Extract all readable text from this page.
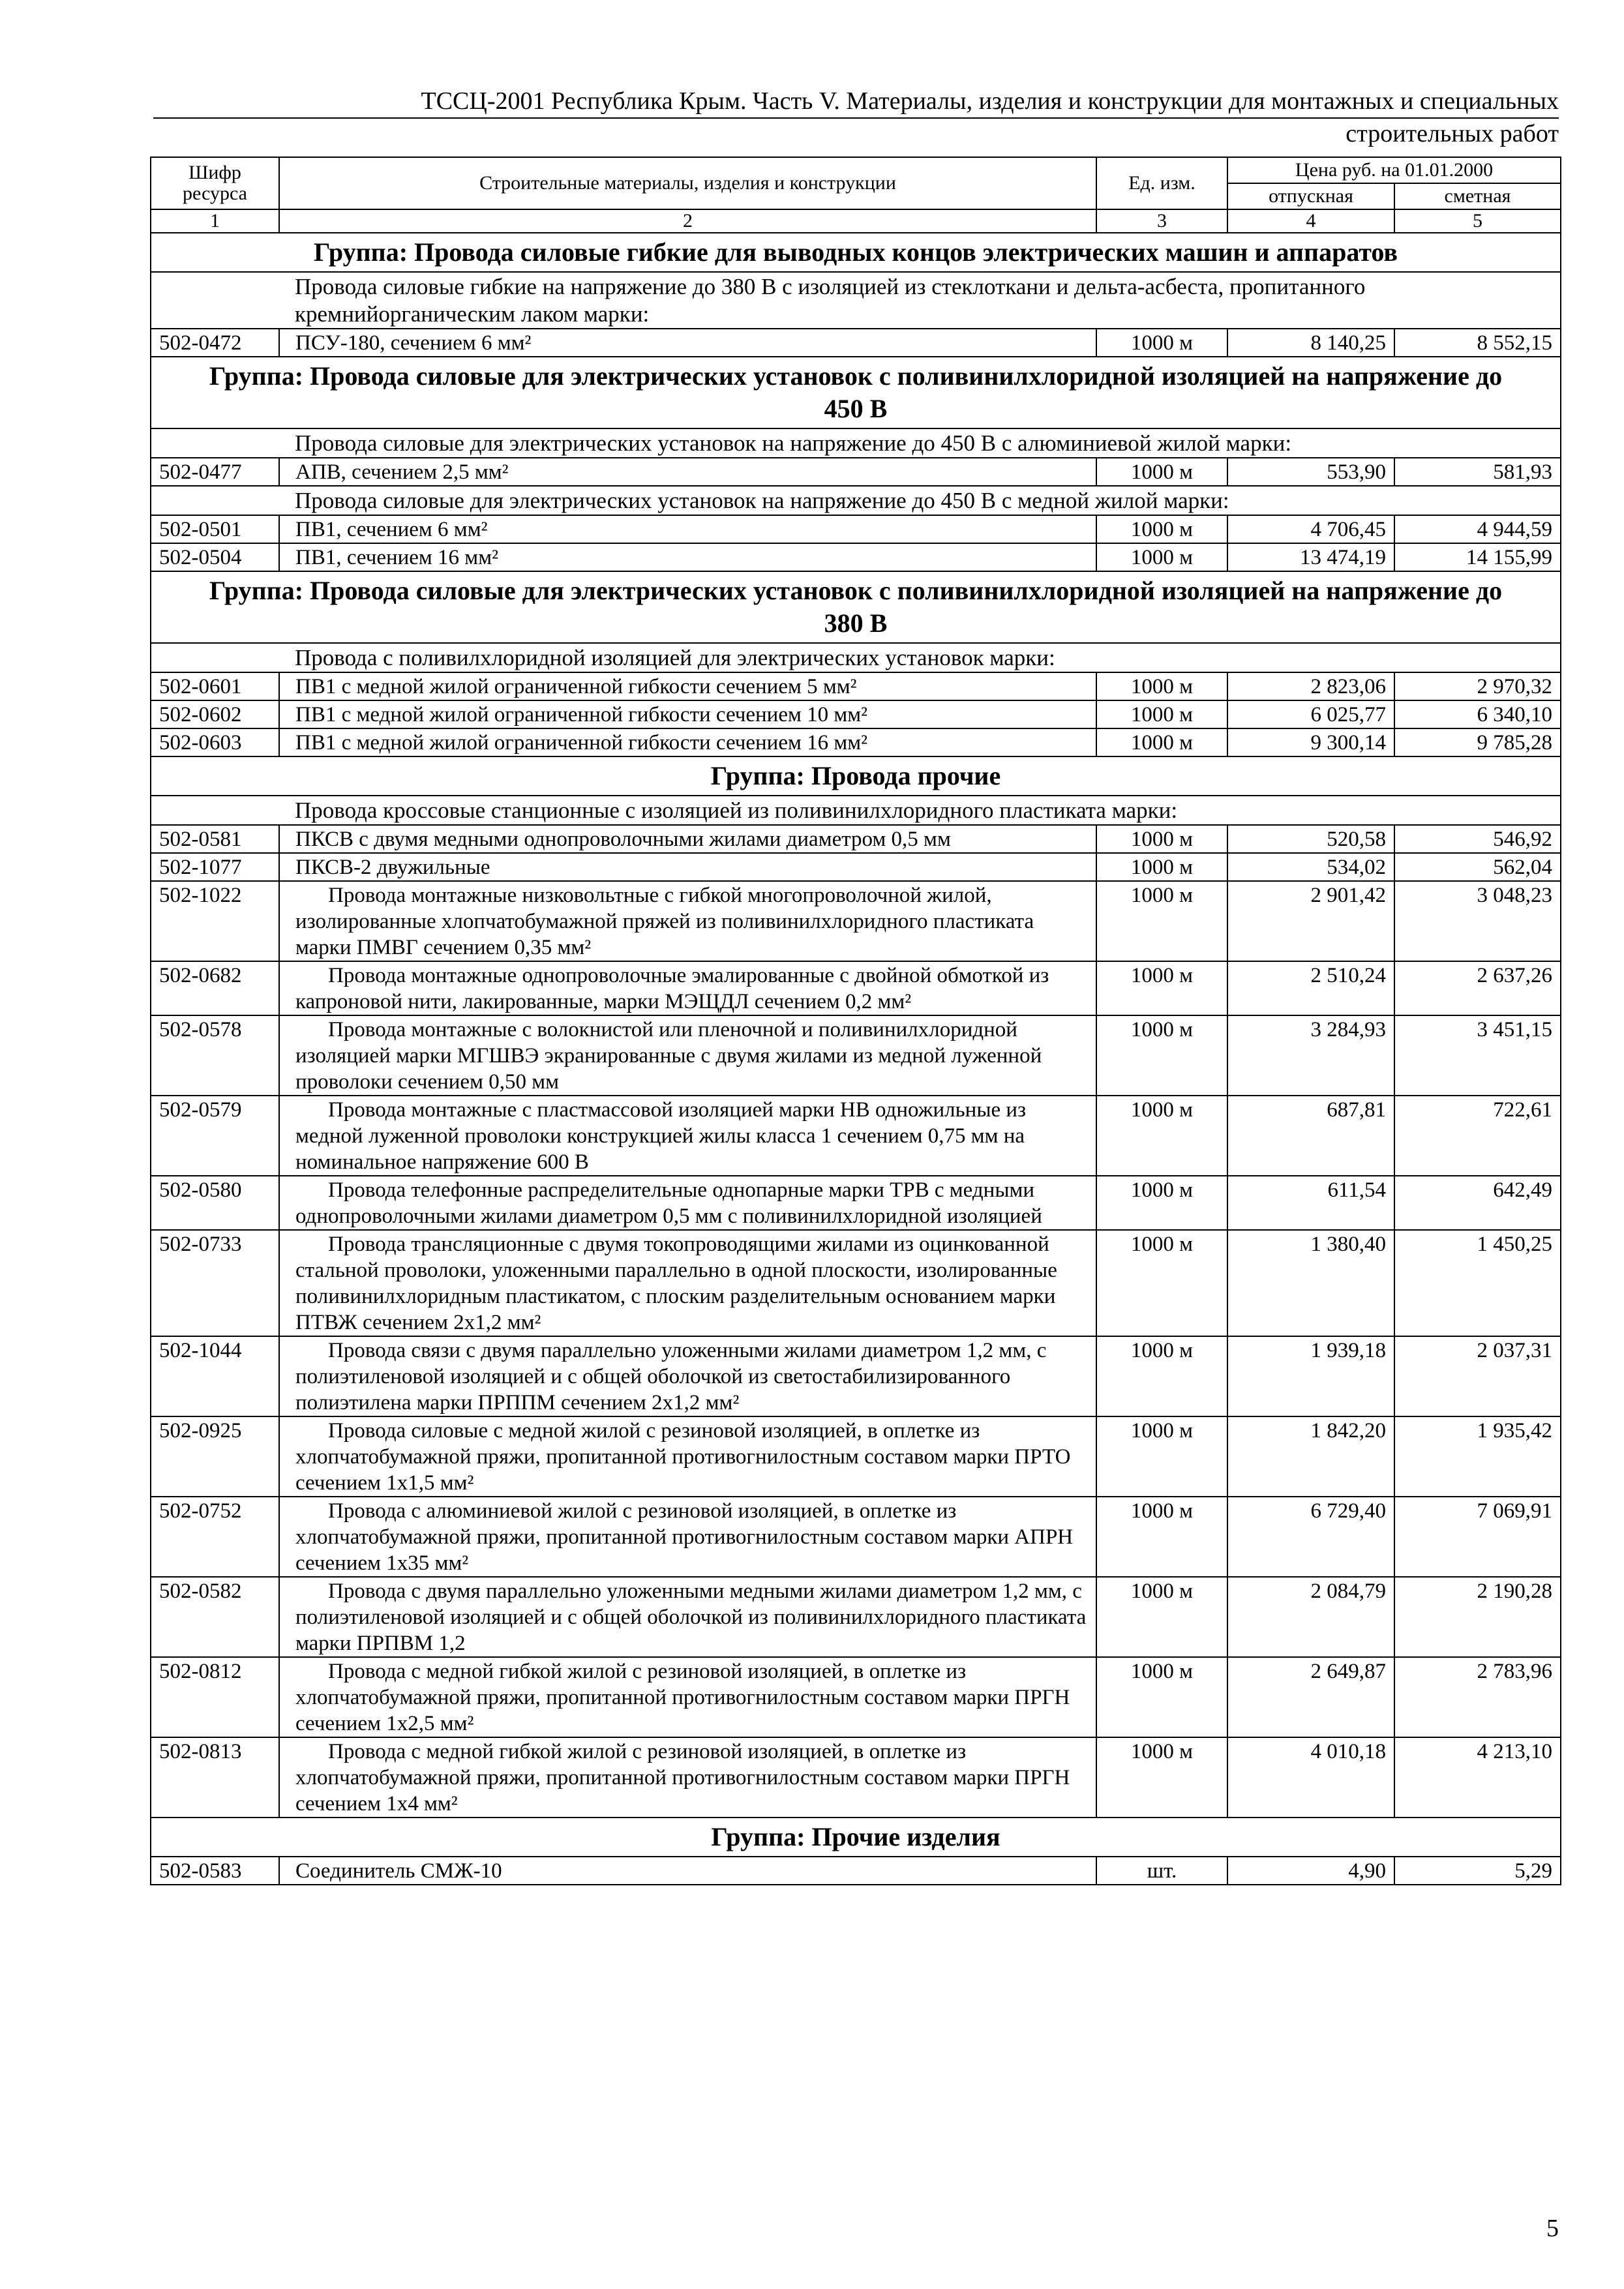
ТССЦ-2001 Республика Крым. Часть V. Материалы, изделия и конструкции для монтажных и специальных
строительных работ
Шифр ресурса	Строительные материалы, изделия и конструкции	Ед. изм.	Цена руб. на 01.01.2000	
			отпускная	сметная
1	2	3	4	5
Группа: Провода силовые гибкие для выводных концов электрических машин и аппаратов				
Провода силовые гибкие на напряжение до 380 В с изоляцией из стеклоткани и дельта-асбеста, пропитанного кремнийорганическим лаком марки:				
502-0472	ПСУ-180, сечением 6 мм²	1000 м	8 140,25	8 552,15
Группа: Провода силовые для электрических установок с поливинилхлоридной изоляцией на напряжение до 450 В				
Провода силовые для электрических установок на напряжение до 450 В с алюминиевой жилой марки:				
502-0477	АПВ, сечением 2,5 мм²	1000 м	553,90	581,93
Провода силовые для электрических установок на напряжение до 450 В с медной жилой марки:				
502-0501	ПВ1, сечением 6 мм²	1000 м	4 706,45	4 944,59
502-0504	ПВ1, сечением 16 мм²	1000 м	13 474,19	14 155,99
Группа: Провода силовые для электрических установок с поливинилхлоридной изоляцией на напряжение до 380 В				
Провода с поливилхлоридной изоляцией для электрических установок марки:				
502-0601	ПВ1 с медной жилой ограниченной гибкости сечением 5 мм²	1000 м	2 823,06	2 970,32
502-0602	ПВ1 с медной жилой ограниченной гибкости сечением 10 мм²	1000 м	6 025,77	6 340,10
502-0603	ПВ1 с медной жилой ограниченной гибкости сечением 16 мм²	1000 м	9 300,14	9 785,28
Группа: Провода прочие				
Провода кроссовые станционные с изоляцией из поливинилхлоридного пластиката марки:				
502-0581	ПКСВ с двумя медными однопроволочными жилами диаметром 0,5 мм	1000 м	520,58	546,92
502-1077	ПКСВ-2 двужильные	1000 м	534,02	562,04
502-1022	Провода монтажные низковольтные с гибкой многопроволочной жилой, изолированные хлопчатобумажной пряжей из поливинилхлоридного пластиката марки ПМВГ сечением 0,35 мм²	1000 м	2 901,42	3 048,23
502-0682	Провода монтажные однопроволочные эмалированные с двойной обмоткой из капроновой нити, лакированные, марки МЭЩДЛ сечением 0,2 мм²	1000 м	2 510,24	2 637,26
502-0578	Провода монтажные с волокнистой или пленочной и поливинилхлоридной изоляцией марки МГШВЭ экранированные с двумя жилами из медной луженной проволоки сечением 0,50 мм	1000 м	3 284,93	3 451,15
502-0579	Провода монтажные с пластмассовой изоляцией марки НВ одножильные из медной луженной проволоки конструкцией жилы класса 1 сечением 0,75 мм на номинальное напряжение 600 В	1000 м	687,81	722,61
502-0580	Провода телефонные распределительные однопарные марки ТРВ с медными однопроволочными жилами диаметром 0,5 мм с поливинилхлоридной изоляцией	1000 м	611,54	642,49
502-0733	Провода трансляционные с двумя токопроводящими жилами из оцинкованной стальной проволоки, уложенными параллельно в одной плоскости, изолированные поливинилхлоридным пластикатом, с плоским разделительным основанием марки ПТВЖ сечением 2х1,2 мм²	1000 м	1 380,40	1 450,25
502-1044	Провода связи с двумя параллельно уложенными жилами диаметром 1,2 мм, с полиэтиленовой изоляцией и с общей оболочкой из светостабилизированного полиэтилена марки ПРППМ сечением 2х1,2 мм²	1000 м	1 939,18	2 037,31
502-0925	Провода силовые с медной жилой с резиновой изоляцией, в оплетке из хлопчатобумажной пряжи, пропитанной противогнилостным составом марки ПРТО сечением 1х1,5 мм²	1000 м	1 842,20	1 935,42
502-0752	Провода с алюминиевой жилой с резиновой изоляцией, в оплетке из хлопчатобумажной пряжи, пропитанной противогнилостным составом марки АПРН сечением 1х35 мм²	1000 м	6 729,40	7 069,91
502-0582	Провода с двумя параллельно уложенными медными жилами диаметром 1,2 мм, с полиэтиленовой изоляцией и с общей оболочкой из поливинилхлоридного пластиката марки ПРПВМ 1,2	1000 м	2 084,79	2 190,28
502-0812	Провода с медной гибкой жилой с резиновой изоляцией, в оплетке из хлопчатобумажной пряжи, пропитанной противогнилостным составом марки ПРГН сечением 1х2,5 мм²	1000 м	2 649,87	2 783,96
502-0813	Провода с медной гибкой жилой с резиновой изоляцией, в оплетке из хлопчатобумажной пряжи, пропитанной противогнилостным составом марки ПРГН сечением 1х4 мм²	1000 м	4 010,18	4 213,10
Группа: Прочие изделия				
502-0583	Соединитель СМЖ-10	шт.	4,90	5,29
5
